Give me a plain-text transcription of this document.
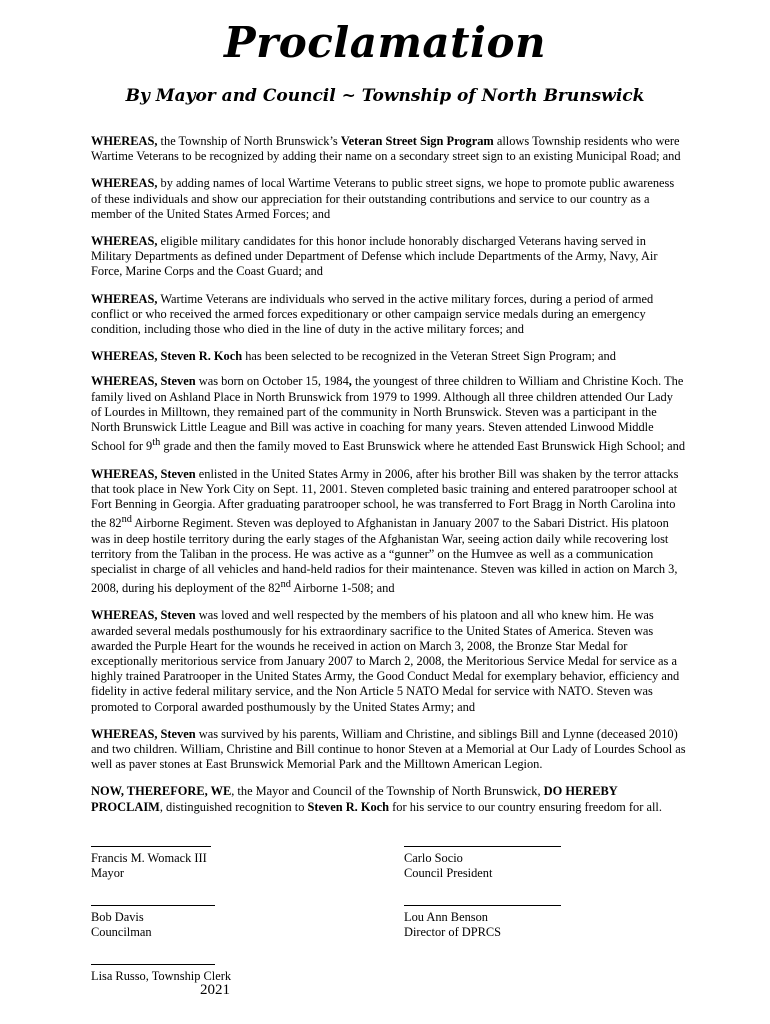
Proclamation
By Mayor and Council ~ Township of North Brunswick

WHEREAS, the Township of North Brunswick’s Veteran Street Sign Program allows Township residents who were Wartime Veterans to be recognized by adding their name on a secondary street sign to an existing Municipal Road; and

WHEREAS, by adding names of local Wartime Veterans to public street signs, we hope to promote public awareness of these individuals and show our appreciation for their outstanding contributions and service to our country as a member of the United States Armed Forces; and

WHEREAS, eligible military candidates for this honor include honorably discharged Veterans having served in Military Departments as defined under Department of Defense which include Departments of the Army, Navy, Air Force, Marine Corps and the Coast Guard; and

WHEREAS, Wartime Veterans are individuals who served in the active military forces, during a period of armed conflict or who received the armed forces expeditionary or other campaign service medals during an emergency condition, including those who died in the line of duty in the active military forces; and

WHEREAS, Steven R. Koch has been selected to be recognized in the Veteran Street Sign Program; and

WHEREAS, Steven was born on October 15, 1984, the youngest of three children to William and Christine Koch. The family lived on Ashland Place in North Brunswick from 1979 to 1999. Although all three children attended Our Lady of Lourdes in Milltown, they remained part of the community in North Brunswick. Steven was a participant in the North Brunswick Little League and Bill was active in coaching for many years. Steven attended Linwood Middle School for 9th grade and then the family moved to East Brunswick where he attended East Brunswick High School; and

WHEREAS, Steven enlisted in the United States Army in 2006, after his brother Bill was shaken by the terror attacks that took place in New York City on Sept. 11, 2001. Steven completed basic training and entered paratrooper school at Fort Benning in Georgia. After graduating paratrooper school, he was transferred to Fort Bragg in North Carolina into the 82nd Airborne Regiment. Steven was deployed to Afghanistan in January 2007 to the Sabari District. His platoon was in deep hostile territory during the early stages of the Afghanistan War, seeing action daily while recovering lost territory from the Taliban in the process. He was active as a “gunner” on the Humvee as well as a communication specialist in charge of all vehicles and hand-held radios for their maintenance. Steven was killed in action on March 3, 2008, during his deployment of the 82nd Airborne 1-508; and

WHEREAS, Steven was loved and well respected by the members of his platoon and all who knew him. He was awarded several medals posthumously for his extraordinary sacrifice to the United States of America. Steven was awarded the Purple Heart for the wounds he received in action on March 3, 2008, the Bronze Star Medal for exceptionally meritorious service from January 2007 to March 2, 2008, the Meritorious Service Medal for service as a highly trained Paratrooper in the United States Army, the Good Conduct Medal for exemplary behavior, efficiency and fidelity in active federal military service, and the Non Article 5 NATO Medal for service with NATO. Steven was promoted to Corporal awarded posthumously by the United States Army; and

WHEREAS, Steven was survived by his parents, William and Christine, and siblings Bill and Lynne (deceased 2010) and two children. William, Christine and Bill continue to honor Steven at a Memorial at Our Lady of Lourdes School as well as paver stones at East Brunswick Memorial Park and the Milltown American Legion.

NOW, THEREFORE, WE, the Mayor and Council of the Township of North Brunswick, DO HEREBY PROCLAIM, distinguished recognition to Steven R. Koch for his service to our country ensuring freedom for all.

Francis M. Womack III
Mayor
Carlo Socio
Council President
Bob Davis
Councilman
Lou Ann Benson
Director of DPRCS
Lisa Russo, Township Clerk
2021
